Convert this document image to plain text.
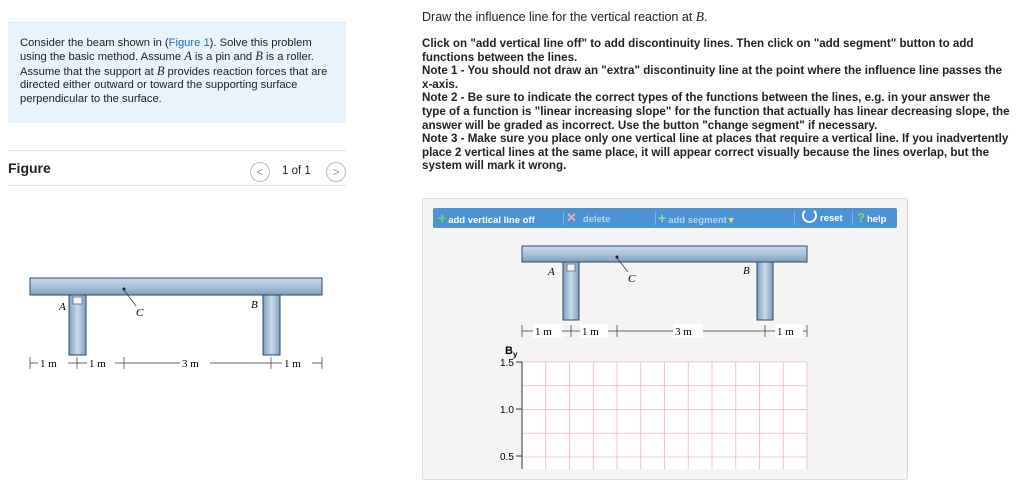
Consider the beam shown in (Figure 1). Solve this problem using the basic method. Assume A is a pin and B is a roller. Assume that the support at B provides reaction forces that are directed either outward or toward the supporting surface perpendicular to the surface.
Figure	<	1 of 1	>
Draw the influence line for the vertical reaction at B.

Click on "add vertical line off" to add discontinuity lines. Then click on "add segment" button to add functions between the lines.

Note 1 - You should not draw an "extra" discontinuity line at the point where the influence line passes the x-axis.

Note 2 - Be sure to indicate the correct types of the functions between the lines, e.g. in your answer the type of a function is "linear increasing slope" for the function that actually has linear decreasing slope, the answer will be graded as incorrect. Use the button "change segment" if necessary.

Note 3 - Make sure you place only one vertical line at places that require a vertical line. If you inadvertently place 2 vertical lines at the same place, it will appear correct visually because the lines overlap, but the system will mark it wrong.

+ add vertical line off ✕ delete	+ add segment ▾	reset ? help
A	C
B
1 m	1 m	3 m	1 m
A
C
B
1 m	1 m	3 m	1 m
$B_y$
1.5
1.0
0.5
